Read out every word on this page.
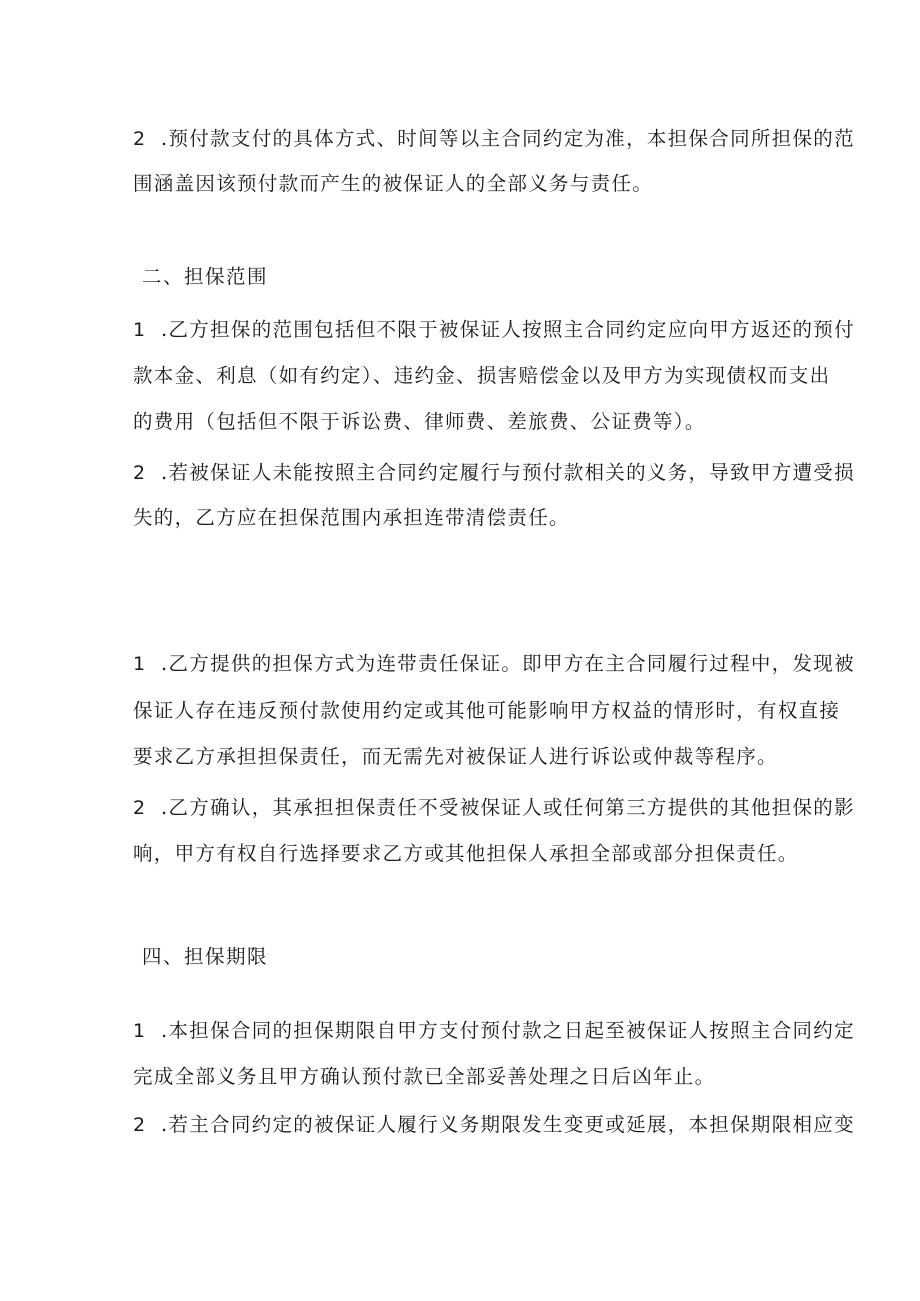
2 .预付款支付的具体方式、时间等以主合同约定为准，本担保合同所担保的范
围涵盖因该预付款而产生的被保证人的全部义务与责任。
二、担保范围
1 .乙方担保的范围包括但不限于被保证人按照主合同约定应向甲方返还的预付
款本金、利息（如有约定）、违约金、损害赔偿金以及甲方为实现债权而支出
的费用（包括但不限于诉讼费、律师费、差旅费、公证费等）。
2 .若被保证人未能按照主合同约定履行与预付款相关的义务，导致甲方遭受损
失的，乙方应在担保范围内承担连带清偿责任。
1 .乙方提供的担保方式为连带责任保证。即甲方在主合同履行过程中，发现被
保证人存在违反预付款使用约定或其他可能影响甲方权益的情形时，有权直接
要求乙方承担担保责任，而无需先对被保证人进行诉讼或仲裁等程序。
2 .乙方确认，其承担担保责任不受被保证人或任何第三方提供的其他担保的影
响，甲方有权自行选择要求乙方或其他担保人承担全部或部分担保责任。
四、担保期限
1 .本担保合同的担保期限自甲方支付预付款之日起至被保证人按照主合同约定
完成全部义务且甲方确认预付款已全部妥善处理之日后凶年止。
2 .若主合同约定的被保证人履行义务期限发生变更或延展，本担保期限相应变
